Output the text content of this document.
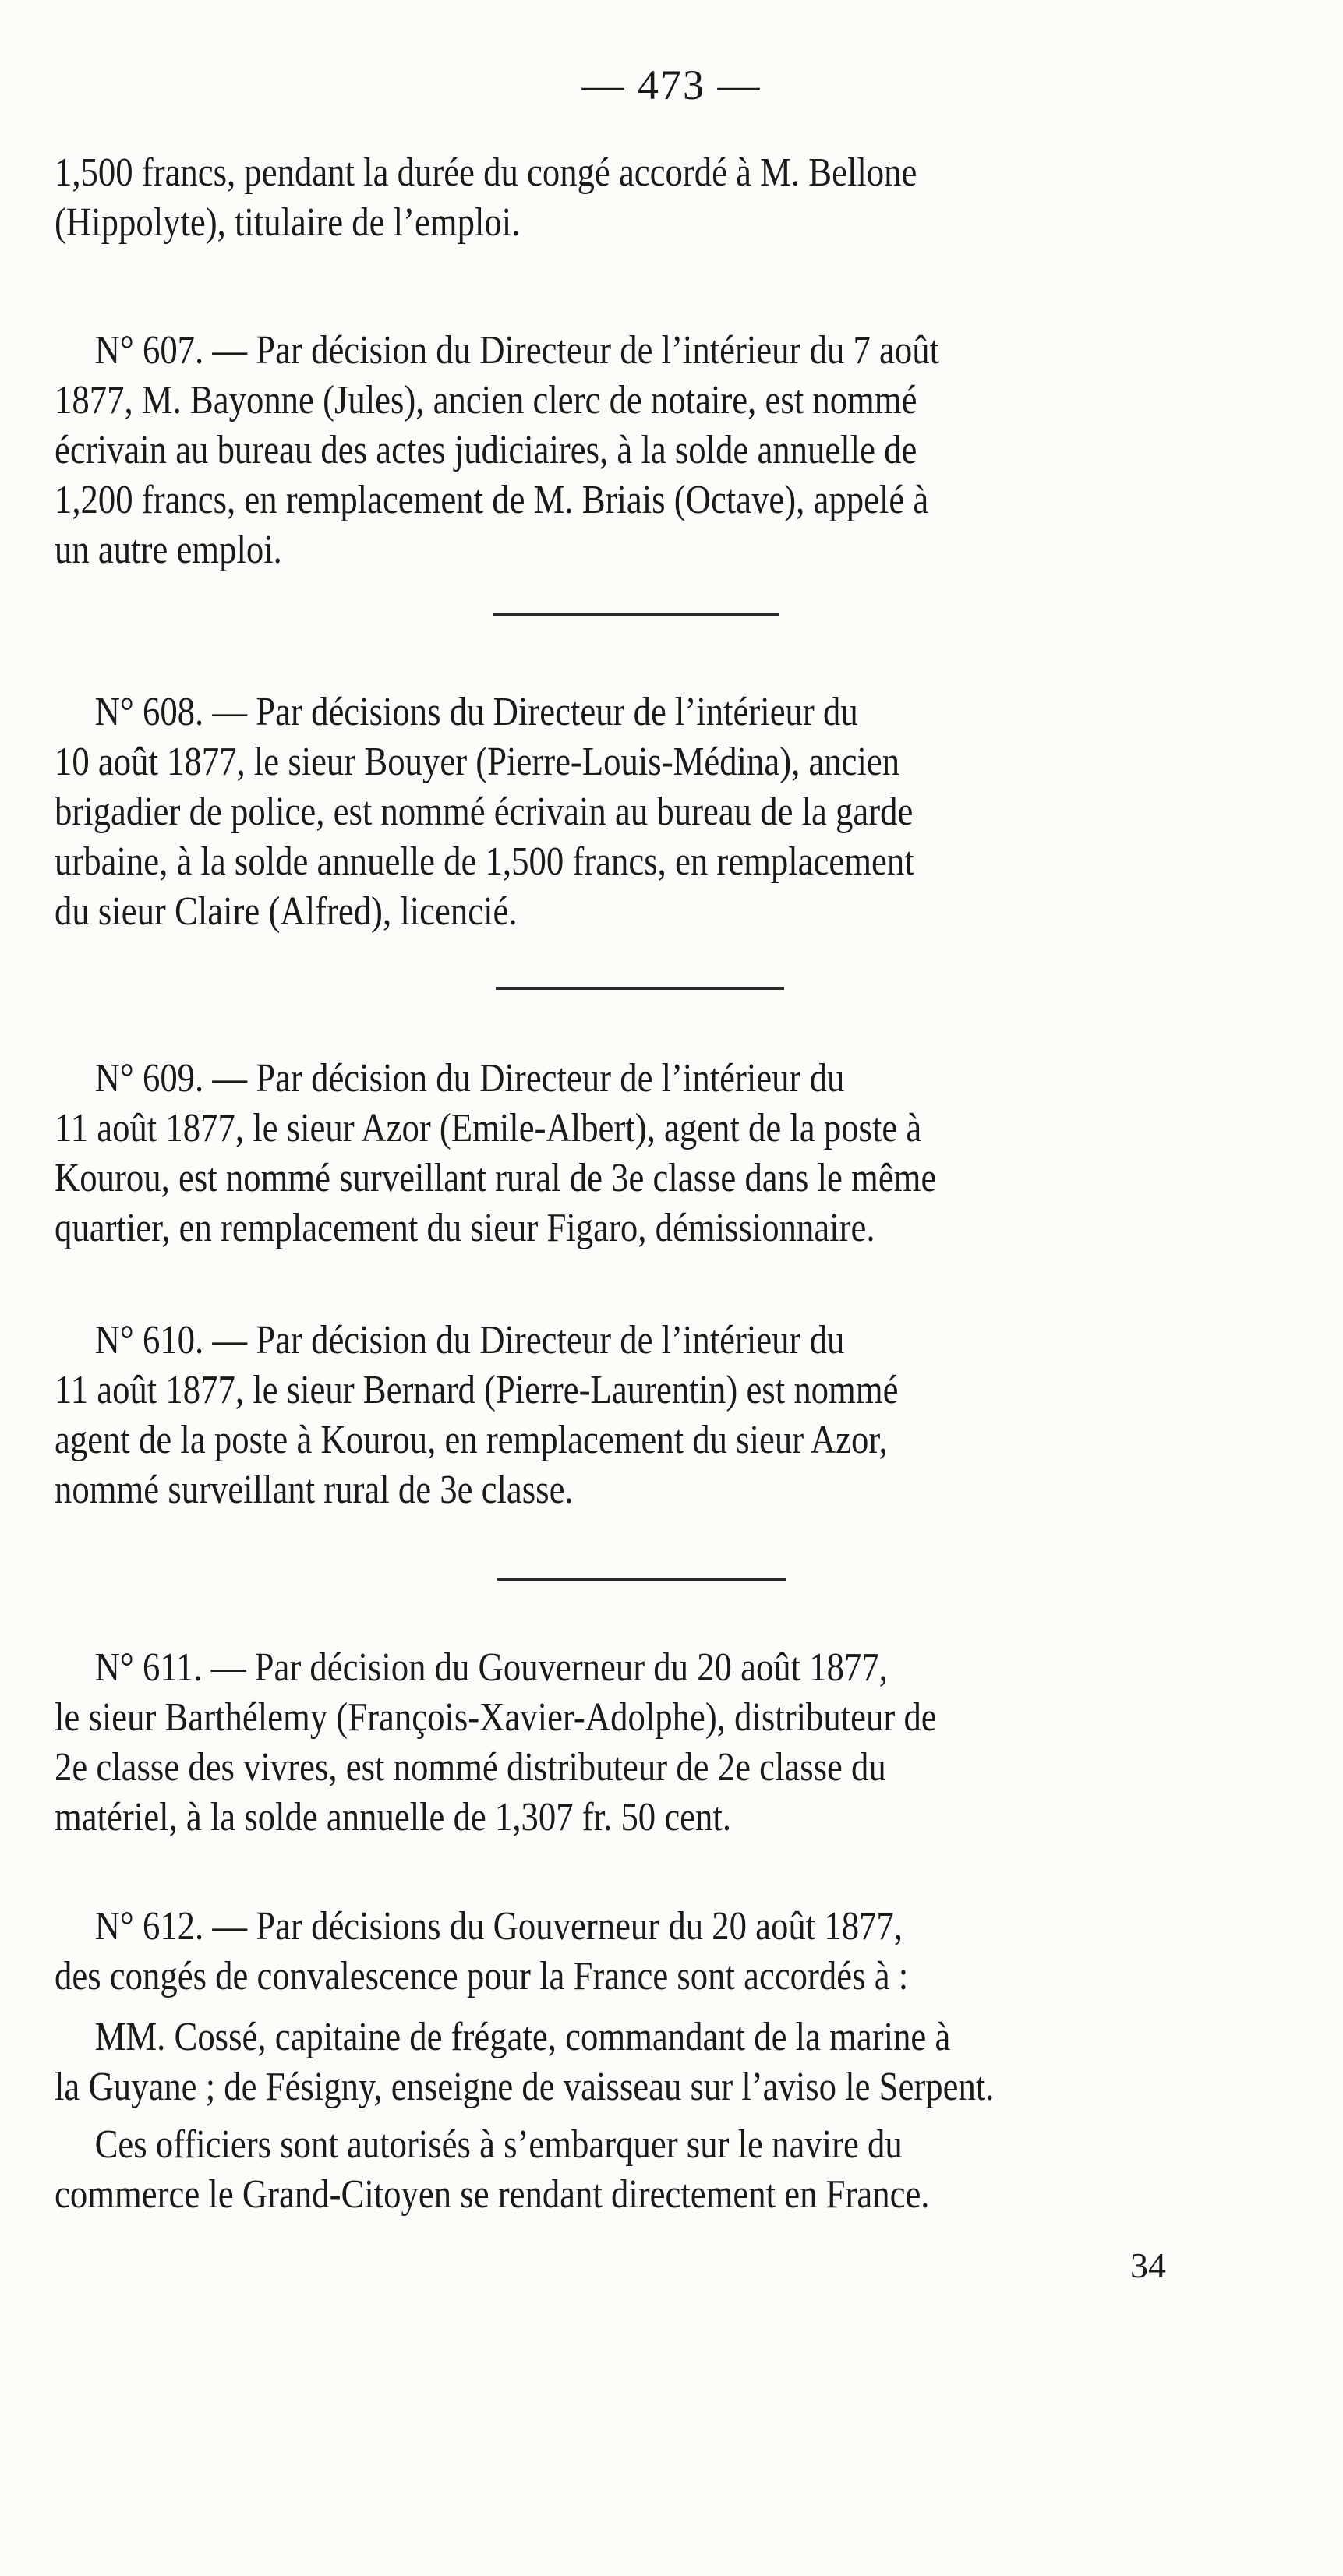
— 473 —
1,500 francs, pendant la durée du congé accordé à M. Bellone
(Hippolyte), titulaire de l’emploi.
N° 607. — Par décision du Directeur de l’intérieur du 7 août
1877, M. Bayonne (Jules), ancien clerc de notaire, est nommé
écrivain au bureau des actes judiciaires, à la solde annuelle de
1,200 francs, en remplacement de M. Briais (Octave), appelé à
un autre emploi.
N° 608. — Par décisions du Directeur de l’intérieur du
10 août 1877, le sieur Bouyer (Pierre-Louis-Médina), ancien
brigadier de police, est nommé écrivain au bureau de la garde
urbaine, à la solde annuelle de 1,500 francs, en remplacement
du sieur Claire (Alfred), licencié.
N° 609. — Par décision du Directeur de l’intérieur du
11 août 1877, le sieur Azor (Emile-Albert), agent de la poste à
Kourou, est nommé surveillant rural de 3e classe dans le même
quartier, en remplacement du sieur Figaro, démissionnaire.
N° 610. — Par décision du Directeur de l’intérieur du
11 août 1877, le sieur Bernard (Pierre-Laurentin) est nommé
agent de la poste à Kourou, en remplacement du sieur Azor,
nommé surveillant rural de 3e classe.
N° 611. — Par décision du Gouverneur du 20 août 1877,
le sieur Barthélemy (François-Xavier-Adolphe), distributeur de
2e classe des vivres, est nommé distributeur de 2e classe du
matériel, à la solde annuelle de 1,307 fr. 50 cent.
N° 612. — Par décisions du Gouverneur du 20 août 1877,
des congés de convalescence pour la France sont accordés à :
MM. Cossé, capitaine de frégate, commandant de la marine à
la Guyane ; de Fésigny, enseigne de vaisseau sur l’aviso le Serpent.
Ces officiers sont autorisés à s’embarquer sur le navire du
commerce le Grand-Citoyen se rendant directement en France.
34
